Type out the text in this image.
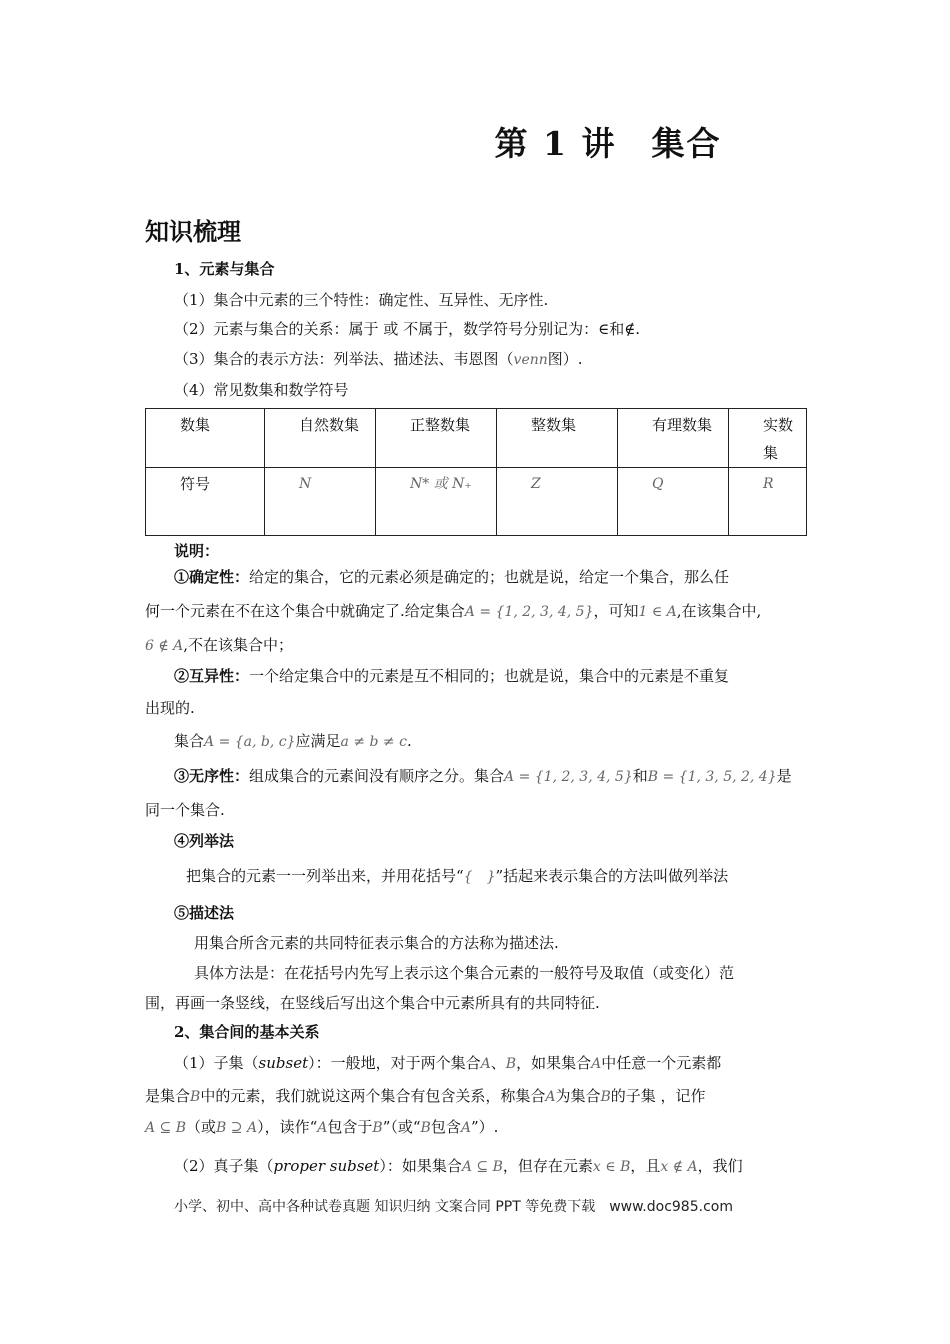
第 1 讲　集合
知识梳理
1、元素与集合
（1）集合中元素的三个特性：确定性、互异性、无序性.
（2）元素与集合的关系：属于 或 不属于，数学符号分别记为：∈和∉.
（3）集合的表示方法：列举法、描述法、韦恩图（venn图）.
（4）常见数集和数学符号
数集	自然数集	正整数集	整数集	有理数集	实数集
符号	N	N* 或 N₊	Z	Q	R
说明：
①确定性：给定的集合，它的元素必须是确定的；也就是说，给定一个集合，那么任
何一个元素在不在这个集合中就确定了.给定集合A = {1, 2, 3, 4, 5}，可知1 ∈ A,在该集合中,
6 ∉ A,不在该集合中；
②互异性：一个给定集合中的元素是互不相同的；也就是说，集合中的元素是不重复
出现的.
集合A = {a, b, c}应满足a ≠ b ≠ c.
③无序性：组成集合的元素间没有顺序之分。集合A = {1, 2, 3, 4, 5}和B = {1, 3, 5, 2, 4}是
同一个集合.
④列举法
把集合的元素一一列举出来，并用花括号“{　}”括起来表示集合的方法叫做列举法
⑤描述法
用集合所含元素的共同特征表示集合的方法称为描述法.
具体方法是：在花括号内先写上表示这个集合元素的一般符号及取值（或变化）范
围，再画一条竖线，在竖线后写出这个集合中元素所具有的共同特征.
2、集合间的基本关系
（1）子集（subset）：一般地，对于两个集合A、B，如果集合A中任意一个元素都
是集合B中的元素，我们就说这两个集合有包含关系，称集合A为集合B的子集 ，记作
A ⊆ B（或B ⊇ A），读作“A包含于B”（或“B包含A”）.
（2）真子集（proper subset）：如果集合A ⊆ B，但存在元素x ∈ B，且x ∉ A，我们
小学、初中、高中各种试卷真题 知识归纳 文案合同 PPT 等免费下载　www.doc985.com
